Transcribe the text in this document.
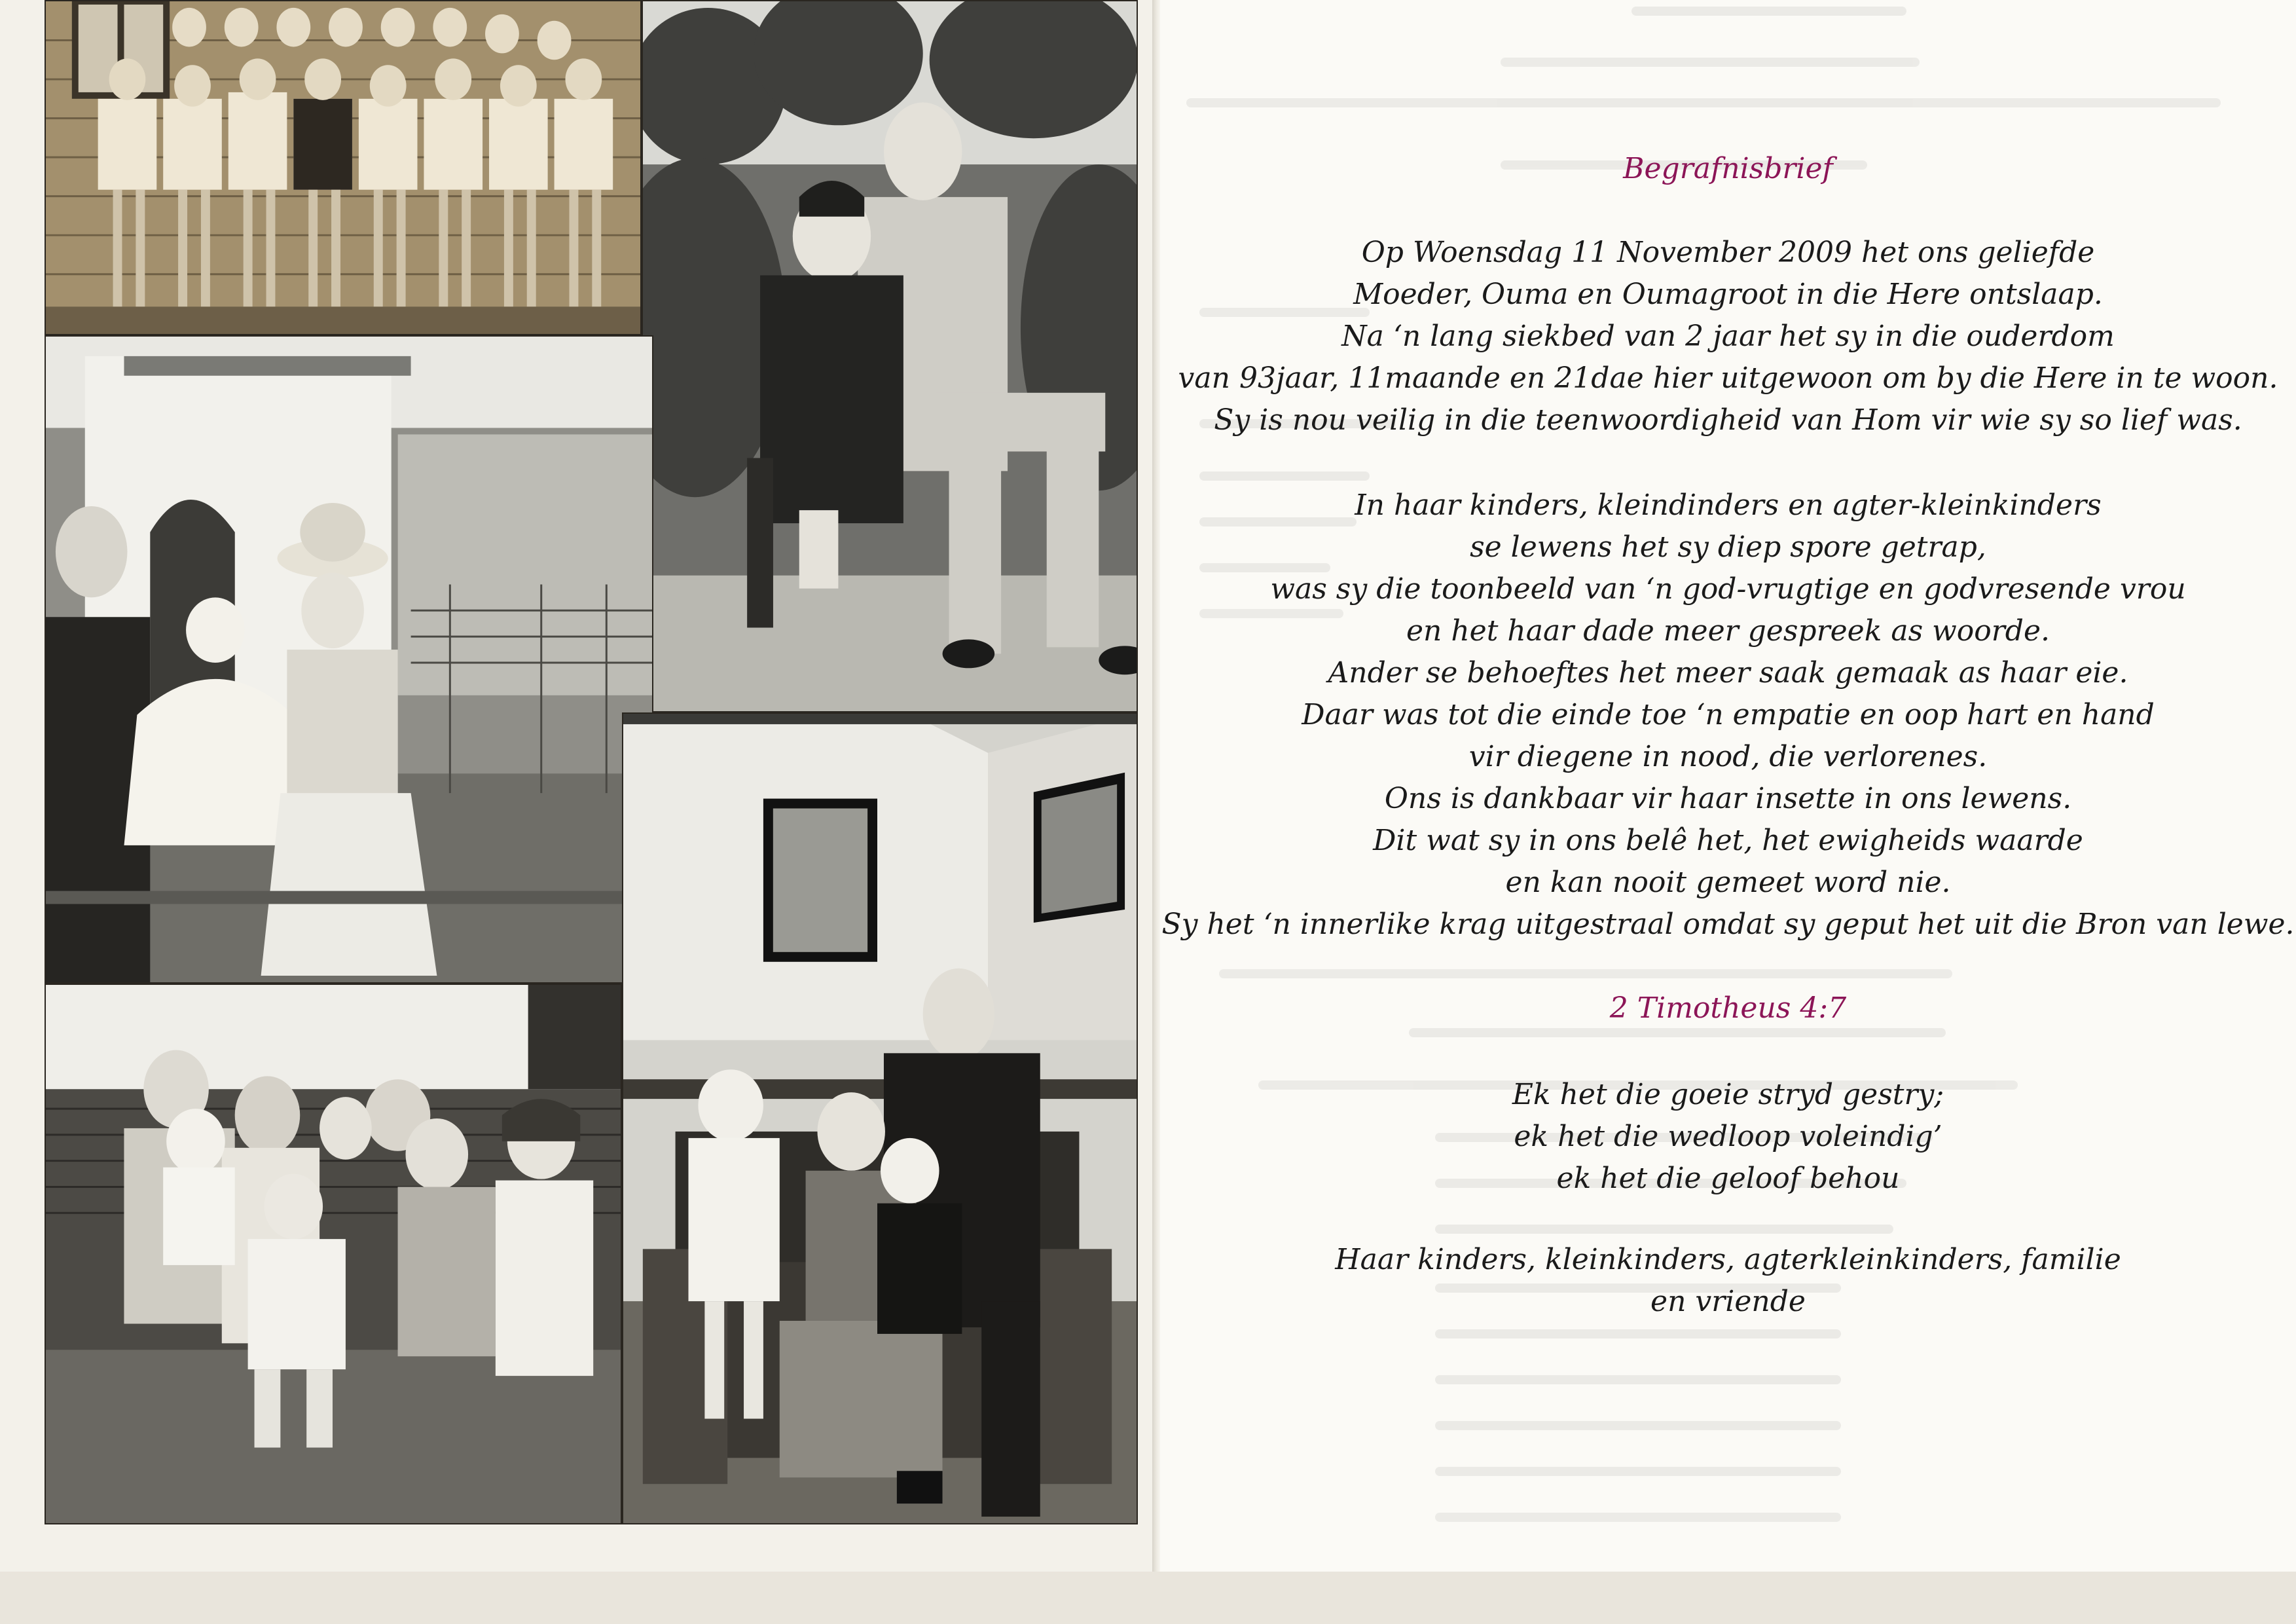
Begrafnisbrief
Op Woensdag 11 November 2009 het ons geliefde
Moeder, Ouma en Oumagroot in die Here ontslaap.
Na ‘n lang siekbed van 2 jaar het sy in die ouderdom
van 93jaar, 11maande en 21dae hier uitgewoon om by die Here in te woon.
Sy is nou veilig in die teenwoordigheid van Hom vir wie sy so lief was.
In haar kinders, kleindinders en agter-kleinkinders
se lewens het sy diep spore getrap,
was sy die toonbeeld van ‘n god-vrugtige en godvresende vrou
en het haar dade meer gespreek as woorde.
Ander se behoeftes het meer saak gemaak as haar eie.
Daar was tot die einde toe ‘n empatie en oop hart en hand
vir diegene in nood, die verlorenes.
Ons is dankbaar vir haar insette in ons lewens.
Dit wat sy in ons belê het, het ewigheids waarde
en kan nooit gemeet word nie.
Sy het ‘n innerlike krag uitgestraal omdat sy geput het uit die Bron van lewe.
2 Timotheus 4:7
Ek het die goeie stryd gestry;
ek het die wedloop voleindig’
ek het die geloof behou
Haar kinders, kleinkinders, agterkleinkinders, familie
en vriende
